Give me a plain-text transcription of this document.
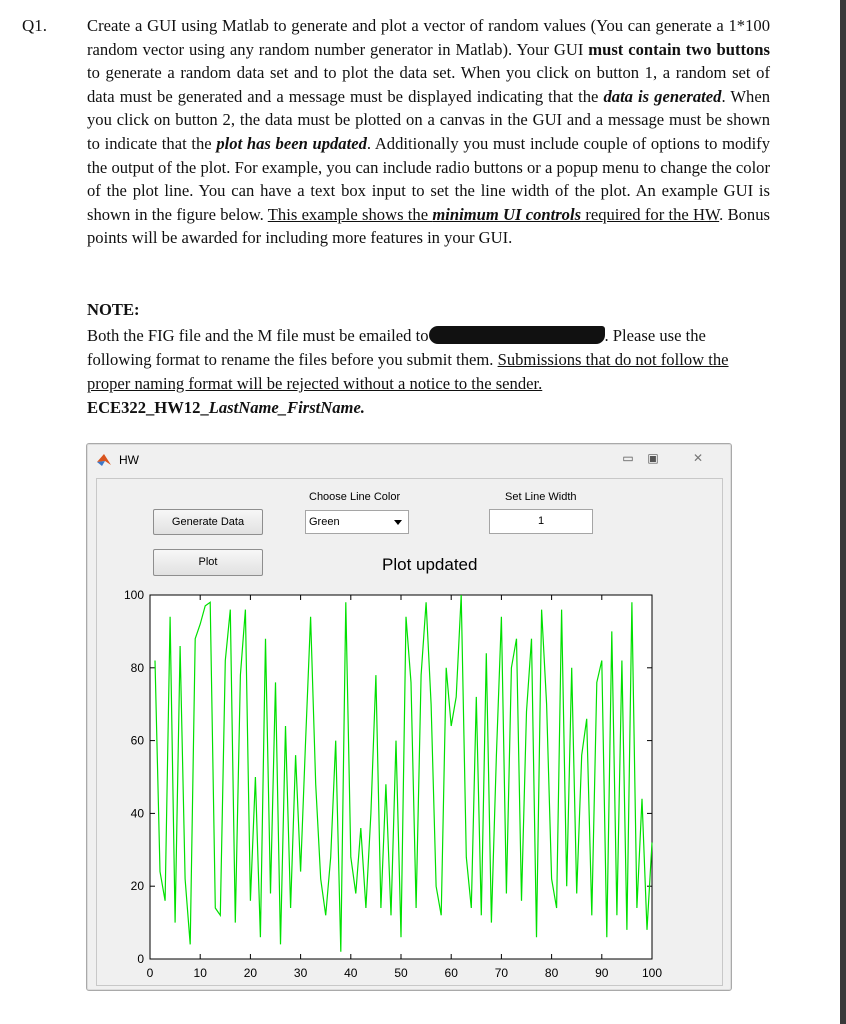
Q1. Create a GUI using Matlab to generate and plot a vector of random values (You can generate a 1*100 random vector using any random number generator in Matlab). Your GUI must contain two buttons to generate a random data set and to plot the data set. When you click on button 1, a random set of data must be generated and a message must be displayed indicating that the data is generated. When you click on button 2, the data must be plotted on a canvas in the GUI and a message must be shown to indicate that the plot has been updated. Additionally you must include couple of options to modify the output of the plot. For example, you can include radio buttons or a popup menu to change the color of the plot line. You can have a text box input to set the line width of the plot. An example GUI is shown in the figure below. This example shows the minimum UI controls required for the HW. Bonus points will be awarded for including more features in your GUI.
NOTE:
Both the FIG file and the M file must be emailed to	. Please use the following format to rename the files before you submit them. Submissions that do not follow the proper naming format will be rejected without a notice to the sender.
ECE322_HW12_LastName_FirstName.
HW	▭	▣	✕
Generate Data
Plot
Choose Line Color
Green
Set Line Width
1
Plot updated
0	10	20	30	40	50	60	70	80	90	100
0
20
40
60
80
100
